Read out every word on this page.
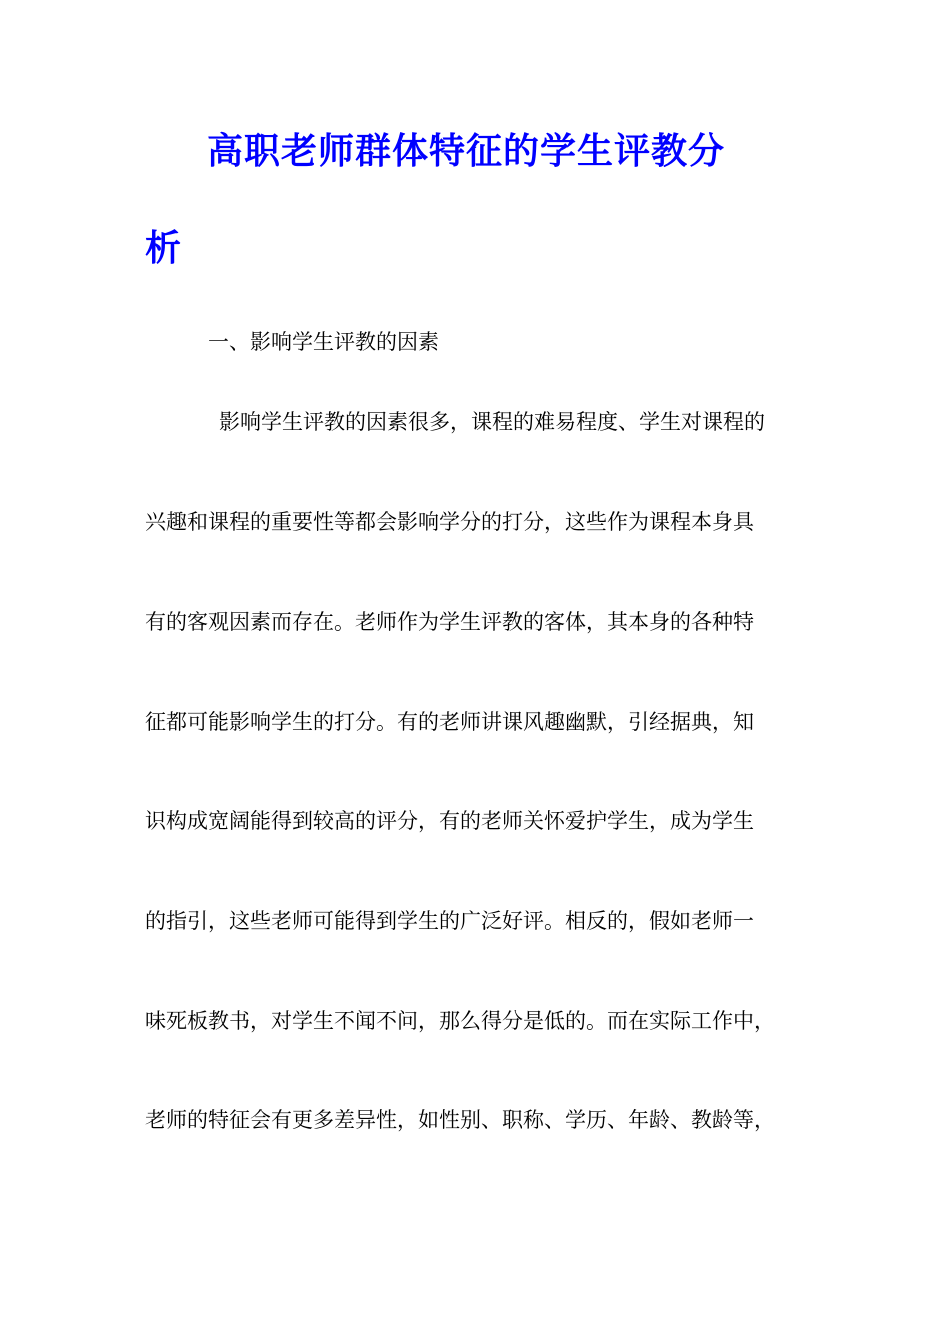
高职老师群体特征的学生评教分
析
一、影响学生评教的因素
影响学生评教的因素很多，课程的难易程度、学生对课程的
兴趣和课程的重要性等都会影响学分的打分，这些作为课程本身具
有的客观因素而存在。老师作为学生评教的客体，其本身的各种特
征都可能影响学生的打分。有的老师讲课风趣幽默，引经据典，知
识构成宽阔能得到较高的评分，有的老师关怀爱护学生，成为学生
的指引，这些老师可能得到学生的广泛好评。相反的，假如老师一
味死板教书，对学生不闻不问，那么得分是低的。而在实际工作中，
老师的特征会有更多差异性，如性别、职称、学历、年龄、教龄等，
